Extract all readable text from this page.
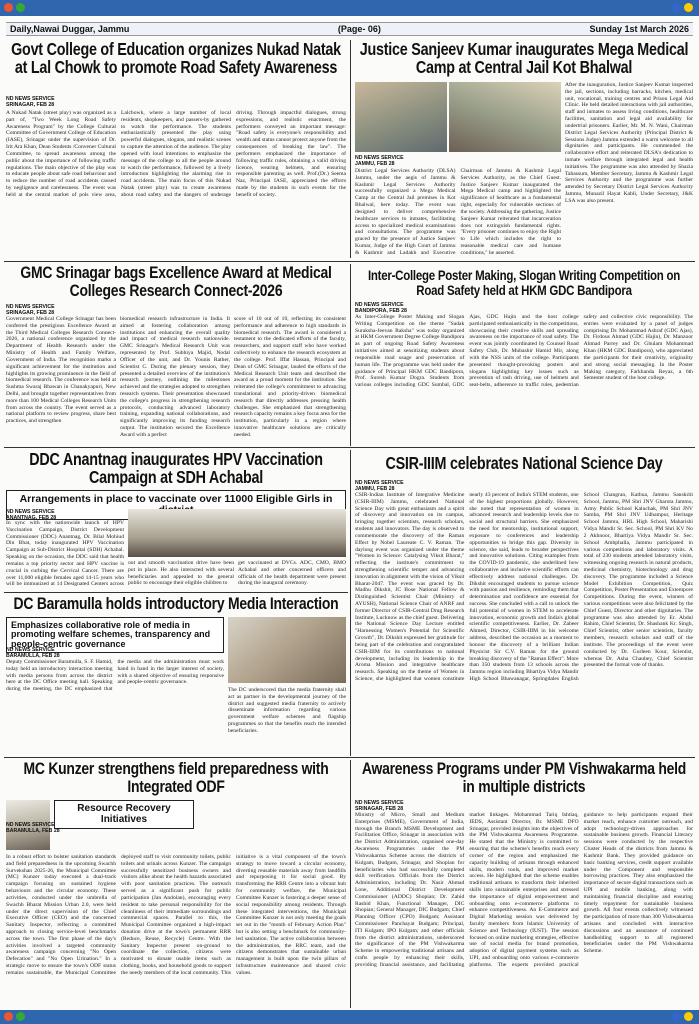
Daily,Nawai Duggar, Jammu	(Page- 06)	Sunday 1st March 2026
Govt College of Education organizes Nukad Natak at Lal Chowk to promote Road Safety Awareness
ND NEWS SERVICE
SRINAGAR, FEB 28
A Nukad Natak (street play) was organized as a part of, "Two Week Long Road Safety Awareness Program" by the College Cultural Committee of Government College of Education (IASE), Srinagar under the supervision of Dr. Irit Ara Khan, Dean Students /Convener Cultural Committee, to spread awareness among the public about the importance of following traffic regulations. The main objective of the play was to educate people about safe road behaviour and to reduce the number of road accidents caused by negligence and carelessness. The event was held at the central market of pols view area, Lalchowk, where a large number of local residents, shopkeepers, and passers-by gathered to watch the performance. The students enthusiastically presented the play using powerful dialogues, slogans, and realistic scenes to capture the attention of the audience. The play opened with loud intentions to emphasize the message of the college to all the people around to watch the performance, followed by a lively introduction highlighting the alarming rise in road accidents. The main focus of this Nukad Natak (street play) was to create awareness about road safety and the dangers of underage driving. Through impactful dialogues, strong expressions, and realistic enactment, the performers conveyed an important message: "Road safety is everyone's responsibility and wealth and status cannot protect anyone from the consequences of breaking the law". The performers emphasized the importance of following traffic rules, obtaining a valid driving licence, wearing helmets, and ensuring responsible parenting as well. Prof.(Dr.) Seema Naz, Principal IASE, appreciated the efforts made by the students in such events for the benefit of society.
Justice Sanjeev Kumar inaugurates Mega Medical Camp at Central Jail Kot Bhalwal
ND NEWS SERVICE
JAMMU, FEB 28
District Legal Services Authority (DLSA) Jammu, under the aegis of Jammu & Kashmir Legal Services Authority successfully organized a Mega Medical Camp at the Central Jail premises in Kot Bhalwal, here today. The event was designed to deliver comprehensive healthcare services to inmates, facilitating access to specialized medical examinations and consultations. The programme was graced by the presence of Justice Sanjeev Kumar, Judge of the High Court of Jammu & Kashmir and Ladakh and Executive Chairman of Jammu & Kashmir Legal Services Authority, as the Chief Guest. Justice Sanjeev Kumar inaugurated the Mega Medical camp and highlighted the significance of healthcare as a fundamental right, especially for vulnerable sections of the society. Addressing the gathering, Justice Sanjeev Kumar reiterated that incarceration does not extinguish fundamental rights. "Every prisoner continues to enjoy the Right to Life which includes the right to reasonable medical care and humane conditions," he asserted.
After the inauguration, Justice Sanjeev Kumar inspected the jail, sections, including barracks, kitchen, medical unit, vocational, training centres and Prison Legal Aid Clinic. He held detailed interactions with jail authorities, staff and inmates to assess living conditions, healthcare facilities, sanitation and legal aid availability for undertrial prisoners. Earlier, Mr. M. N. Wani, Chairman District Legal Services Authority (Principal District & Sessions Judge) Jammu extended a warm welcome to all dignitaries and participants. He commended the collaborative effort and reiterated DLSA's dedication to inmate welfare through integrated legal and health initiatives. The programme was also attended by Shazia Tabassum, Member Secretary, Jammu & Kashmir Legal Services Authority and the programme was further attended by Secretary District Legal Services Authority Jammu, Munazil Hayat Kabli, Under Secretary, J&K LSA was also present.
GMC Srinagar bags Excellence Award at Medical Colleges Research Connect-2026
ND NEWS SERVICE
SRINAGAR, FEB 28
Government Medical College Srinagar has been conferred the prestigious Excellence Award at the Third Medical Colleges Research Connect-2026, a national conference organized by the Department of Health Research under the Ministry of Health and Family Welfare, Government of India. The recognition marks a significant achievement for the institution and highlights its growing prominence in the field of biomedical research. The conference was held at Sushma Swaraj Bhawan in Chanakyapuri, New Delhi, and brought together representatives from more than 100 Medical Colleges Research Units from across the country. The event served as a national platform to review progress, share best practices, and strengthen
biomedical research infrastructure in India. It aimed at fostering collaboration among institutions and enhancing the overall quality and impact of medical research nationwide. GMC Srinagar's Medical Research Unit was represented by Prof. Subhiya Majid, Nodal Officer of the unit, and Dr. Younis Rather, Scientist C. During the plenary session, they presented a detailed overview of the institution's research journey, outlining the milestones achieved and the strategies adopted to strengthen research systems. Their presentation showcased the college's progress in strengthening research protocols, conducting advanced laboratory training, expanding national collaborations, and significantly improving its funding research output. The institution secured the Excellence Award with a perfect
score of 10 out of 10, reflecting its consistent performance and adherence to high standards in biomedical research. The award is considered a testament to the dedicated efforts of the faculty, researchers, and support staff who have worked collectively to enhance the research ecosystem at the college. Prof. Iffat Hassan, Principal and Dean of GMC Srinagar, lauded the efforts of the Medical Research Unit team and described the award as a proud moment for the institution. She reiterated the college's commitment to advancing translational and priority-driven biomedical research that directly addresses pressing health challenges. She emphasized that strengthening research capacity remains a key focus area for the institution, particularly in a region where innovative healthcare solutions are critically needed.
Inter-College Poster Making, Slogan Writing Competition on Road Safety held at HKM GDC Bandipora
ND NEWS SERVICE
BANDIPORA, FEB 28
As Inter-College Poster Making and Slogan Writing Competition on the theme "Sadak Suraksha-Jeevan Raksha" was today organized at HKM Government Degree College Bandipora as part of ongoing Road Safety Awareness initiatives aimed at sensitizing students about responsible road usage and preservation of human life. The programme was held under the guidance of Principal HKM GDC Bandipora, Prof. Suresh Kumar Dogra. Students from various colleges including GDC Sumbal, GDC Ajas, GDC Hajin and the host college participated enthusiastically in the competitions, showcasing their creative skills and spreading awareness on the importance of road safety. The event was jointly coordinated by Counsel Road Safety Club, Dr. Mubashir Hamid Mir, along with the NSS units of the college. Participants presented thought-provoking posters and slogans highlighting key issues such as prevention of rash driving, use of helmets and seat-belts, adherence to traffic rules, pedestrian safety and collective civic responsibility. The entries were evaluated by a panel of judges comprising Dr. Mohammad Ashraf (GDC Ajas), Dr. Firdous Ahmad (GDC Hajin), Dr. Manzoor Ahmad Parrey and Dr. Ghulam Mohammad Khan (HKM GDC Bandipora), who appreciated the participants for their creativity, originality and strong social messaging. In the Poster Making category, Farkhanda Reyaz, a 6th Semester student of the host college.
DDC Anantnag inaugurates HPV Vaccination Campaign at SDH Achabal
Arrangements in place to vaccinate over 11000 Eligible Girls in
ND NEWS SERVICE
ANANTNAG, FEB 28
In sync with the nationwide launch of HPV Vaccination Campaign, District Development Commissioner (DDC) Anantnag, Dr. Bilal Mohiud Din Bhat, today inaugurated HPV Vaccination Campaign at Sub-District Hospital (SDH) Achabal. Speaking on the occasion, the DDC said that health remains a top priority sector and HPV vaccine is crucial in curbing the Cervical Cancer. There are over 11,000 eligible females aged 14-15 years who will be immunized at 14 Designated Centers across
out and smooth vaccination drive have been put in place. He also interacted with several beneficiaries and appealed to the general public to encourage their eligible children to
get vaccinated at DVCs. ADC, CMO, BMO Achabal and other concerned officers and officials of the health department were present during the inaugural ceremony.
CSIR-IIIM celebrates National Science Day
ND NEWS SERVICE
JAMMU, FEB 28
CSIR-Indian Institute of Integrative Medicine (CSIR-IIIM) Jammu, celebrated National Science Day with great enthusiasm and a spirit of discovery and innovation on its campus, bringing together scientists, research scholars, students and innovators. The day is observed to commemorate the discovery of the Raman Effect by Nobel Laureate C. V. Raman. The daylong event was organized under the theme "Women in Science: Catalysing Viksit Bharat," reflecting the institute's commitment to strengthening scientific temper and advancing innovation in alignment with the vision of Viksit Bharat-2047. The event was graced by Dr. Madhu Dikshit, JC Bose National Fellow & Distinguished Scientist Chair (Ministry of AYUSH), National Science Chair of ANRF and former Director of CSIR-Central Drug Research Institute, Lucknow as the chief guest. Delivering the National Science Day Lecture entitled "Harnessing Women's Potential for Scientific Growth", Dr. Dikshit expressed her gratitude for being part of the celebration and congratulated CSIR-IIIM for its contributions to national development, including its leadership in the Aroma Mission and integrative healthcare research. Speaking on the theme of Women in Science, she highlighted that women constitute nearly 43 percent of India's STEM students, one of the highest proportions globally. However, she noted that representation of women in advanced research and leadership levels due to social and structural barriers. She emphasized the need for mentorship, institutional support, exposure to conferences and leadership opportunities to bridge this gap. Diversity in science, she said, leads to broader perspectives and innovative solutions. Citing examples from the COVID-19 pandemic, she underlined how collaborative and inclusive scientific efforts can effectively address national challenges. Dr. Dikshit encouraged students to pursue science with passion and resilience, reminding them that determination and confidence are essential for success. She concluded with a call to unlock the full potential of women in STEM to accelerate innovation, economic growth and India's global scientific competitiveness. Earlier, Dr. Zabeer Ahmed, Director, CSIR-IIIM in his welcome address, described the occasion as a moment to honour the discovery of a brilliant Indian Physicist Sir C.V. Raman for the ground breaking discovery of the "Raman Effect". More than 350 students from 13 schools across the Jammu region including Bhartiya Vidya Mandir High School Bhawanagar, Springdales English School Changran, Kathua, Jammu Sanskriti School, Jammu, PM Shri JNV Gharota Jammu, Army Public School Kaluchak, PM Shri JNV Samba, PM Shri JNV Udhampur, Heritage School Jammu, HRL High School, Maharishi Vidya Mandir Sr. Sec. School, PM Shri KV No 2 Akhnoor, Bhartiya Vidya Mandir Sr. Sec. School Ambphalla, Jammu participated in various competitions and laboratory visits. A total of 230 students attended laboratory visits, witnessing ongoing research in natural products, medicinal chemistry, biotechnology and drug discovery. The programme included a Science Model Exhibition Competition, Quiz Competition, Poster Presentation and Extempore Competitions. During the event, winners of various competitions were also felicitated by the Chief Guest, Director and other dignitaries. The programme was also attended by Er. Abdul Rahim, Chief Scientist, Dr. Shashank Kr. Singh, Chief Scientist, other senior scientists, faculty members, research scholars and staff of the institute. The proceedings of the event were conducted by Dr. Gurleen Kour, Scientist, whereas Dr. Asha Chaubey, Chief Scientist presented the formal vote of thanks.
DC Baramulla holds introductory Media Interaction
Emphasizes collaborative role of media in promoting welfare schemes, transparency and people-centric governance
ND NEWS SERVICE
BARAMULLA, FEB 28
Deputy Commissioner Baramulla, S. F. Hamid, today held an introductory interaction meeting with media persons from across the district here at the DC Office meeting hall. Speaking during the meeting, the DC emphasized that the media and the administration must work hand in hand in the larger interest of society, with a shared objective of ensuring responsive and people-centric governance.
The DC underscored that the media fraternity shall act as partner in the developmental journey of the district and suggested media fraternity to actively disseminate information regarding various government welfare schemes and flagship programmes so that the benefits reach the intended beneficiaries.
MC Kunzer strengthens field preparedness with Integrated ODF
Resource Recovery Initiatives
ND NEWS SERVICE
BARAMULLA, FEB 28
In a robust effort to bolster sanitation standards and field preparedness in the upcoming Swachh Survekshan 2025-26, the Municipal Committee (MC) Kunzer today executed a dual-track campaign focusing on sustained hygiene behaviours and the circular economy. These activities, conducted under the umbrella of Swachh Bharat Mission Urban 2.0, were held under the direct supervision of the Chief Executive Officer (CEO) and the concerned Sanitary Inspector, reflecting a committed approach to closing service-level benchmarks across the town. The first phase of the day's activities involved a targeted community awareness campaign concerning "No Open Defecation" and "No Open Urination." In a strategic move to ensure the town's ODF status remains sustainable, the Municipal Committee deployed staff to visit community toilets, public toilets and urinals across Kunzer. The campaign successfully sensitized business owners and visitors alike about the health hazards associated with poor sanitation practices. The outreach served as a significant push for public participation (Jan Andolan), encouraging every resident to take personal responsibility for the cleanliness of their immediate surroundings and commercial spaces. Parallel to this, the Municipal Committee organized a high-impact donation drive at the town's permanent RRR (Reduce, Reuse, Recycle) Centre. With the Sanitary Inspector present on-ground to coordinate the collection, citizens were motivated to donate usable items such as clothing, books, and household goods to support the needy members of the local community. This initiative is a vital component of the town's strategy to move toward a circular economy, diverting reusable materials away from landfills and repurposing it for social good. By transforming the RRR Centre into a vibrant hub for community welfare, the Municipal Committee Kunzer is fostering a deeper sense of social responsibility among residents. Through these integrated interventions, the Municipal Committee Kunzer is not only meeting the goals set out in the "month of February Action Plan" but is also setting a benchmark for community-led sanitation. The active collaboration between the administration, the RRC team, and the citizens demonstrates that sustainable urban management is built upon the twin pillars of infrastructure maintenance and shared civic values.
Awareness Programs under PM Vishwakarma held in multiple districts
ND NEWS SERVICE
SRINAGAR, FEB 28
Ministry of Micro, Small and Medium Enterprises (MSME), Government of India, through the Branch MSME Development and Facilitation Office, Srinagar in association with the District Administration, organised one-day Awareness Programmes under the PM Vishwakarma Scheme across the districts of Kulgam, Budgam, Srinagar, and Shopian for beneficiaries who had successfully completed skill verification. Officials from the District Administration, including Dr. Nasir Ahmad Lone, Additional District Development Commissioner (ADDC) Shopian; Dr. Zahid Rashid Khan, Functional Manager, DIC Shopian; General Manager, DIC Budgam; Chief Planning Officer (CPO) Budgam; Assistant Commissioner Panchayat Budgam; Principal, ITI Kulgam; IPO Kulgam; and other officials from the district administrations, underscored the significance of the PM Vishwakarma Scheme in empowering traditional artisans and crafts people by enhancing their skills, providing financial assistance, and facilitating market linkages. Mohammad Tariq Ishtiaq, IEDS, Assistant Director, Br. MSME DFO Srinagar, provided insights into the objectives of the PM Vishwakarma Awareness Programme. He stated that the Ministry is committed to ensuring that the scheme's benefits reach every corner of the region and emphasized the capacity building of artisans through enhanced skills, modern tools, and improved market access. He highlighted that the scheme enables traditional artisans to transform their inherited skills into sustainable enterprises and stressed the importance of digital empowerment and onboarding onto e-commerce platforms to enhance competitiveness. An E-Commerce and Digital Marketing session was delivered by faculty members from Islamic University of Science and Technology (IUST). The session focused on online marketing strategies, effective use of social media for brand promotion, adoption of digital payment systems such as UPI, and onboarding onto various e-commerce platforms. The experts provided practical guidance to help participants expand their market reach, enhance customer outreach, and adopt technology-driven approaches for sustainable business growth. Financial Literacy sessions were conducted by the respective Cluster Heads of the districts from Jammu & Kashmir Bank. They provided guidance on basic banking services, credit support available under the Component and responsible borrowing practices. They also emphasized the importance of secure digital transactions such as UPI and mobile banking, along with maintaining financial discipline and ensuring timely repayment for sustainable business growth. All four events collectively witnessed the participation of more than 300 Vishwakarma artisans and concluded with interactive discussions and an assurance of continued handholding support to all registered beneficiaries under the PM Vishwakarma Scheme.
